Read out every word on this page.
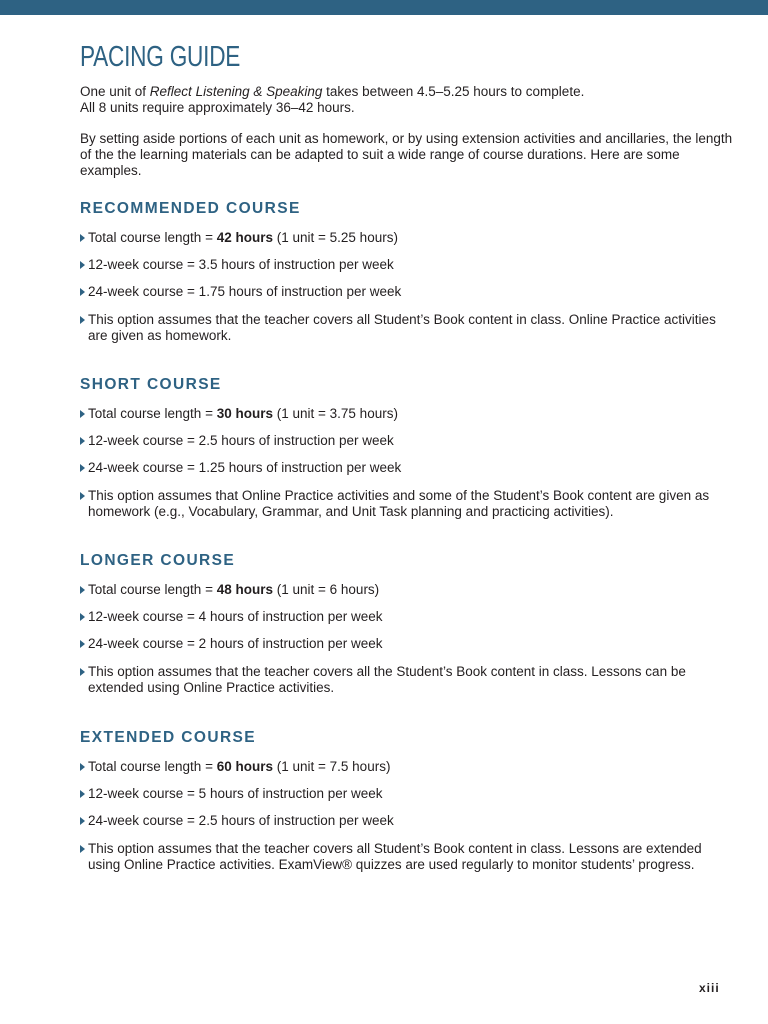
PACING GUIDE

One unit of Reflect Listening & Speaking takes between 4.5–5.25 hours to complete.
All 8 units require approximately 36–42 hours.

By setting aside portions of each unit as homework, or by using extension activities and ancillaries, the length of the the learning materials can be adapted to suit a wide range of course durations. Here are some examples.

RECOMMENDED COURSE
Total course length = 42 hours (1 unit = 5.25 hours)
12-week course = 3.5 hours of instruction per week
24-week course = 1.75 hours of instruction per week
This option assumes that the teacher covers all Student’s Book content in class. Online Practice activities are given as homework.
SHORT COURSE
Total course length = 30 hours (1 unit = 3.75 hours)
12-week course = 2.5 hours of instruction per week
24-week course = 1.25 hours of instruction per week
This option assumes that Online Practice activities and some of the Student’s Book content are given as homework (e.g., Vocabulary, Grammar, and Unit Task planning and practicing activities).
LONGER COURSE
Total course length = 48 hours (1 unit = 6 hours)
12-week course = 4 hours of instruction per week
24-week course = 2 hours of instruction per week
This option assumes that the teacher covers all the Student’s Book content in class. Lessons can be extended using Online Practice activities.
EXTENDED COURSE
Total course length = 60 hours (1 unit = 7.5 hours)
12-week course = 5 hours of instruction per week
24-week course = 2.5 hours of instruction per week
This option assumes that the teacher covers all Student’s Book content in class. Lessons are extended using Online Practice activities. ExamView® quizzes are used regularly to monitor students’ progress.
xiii
